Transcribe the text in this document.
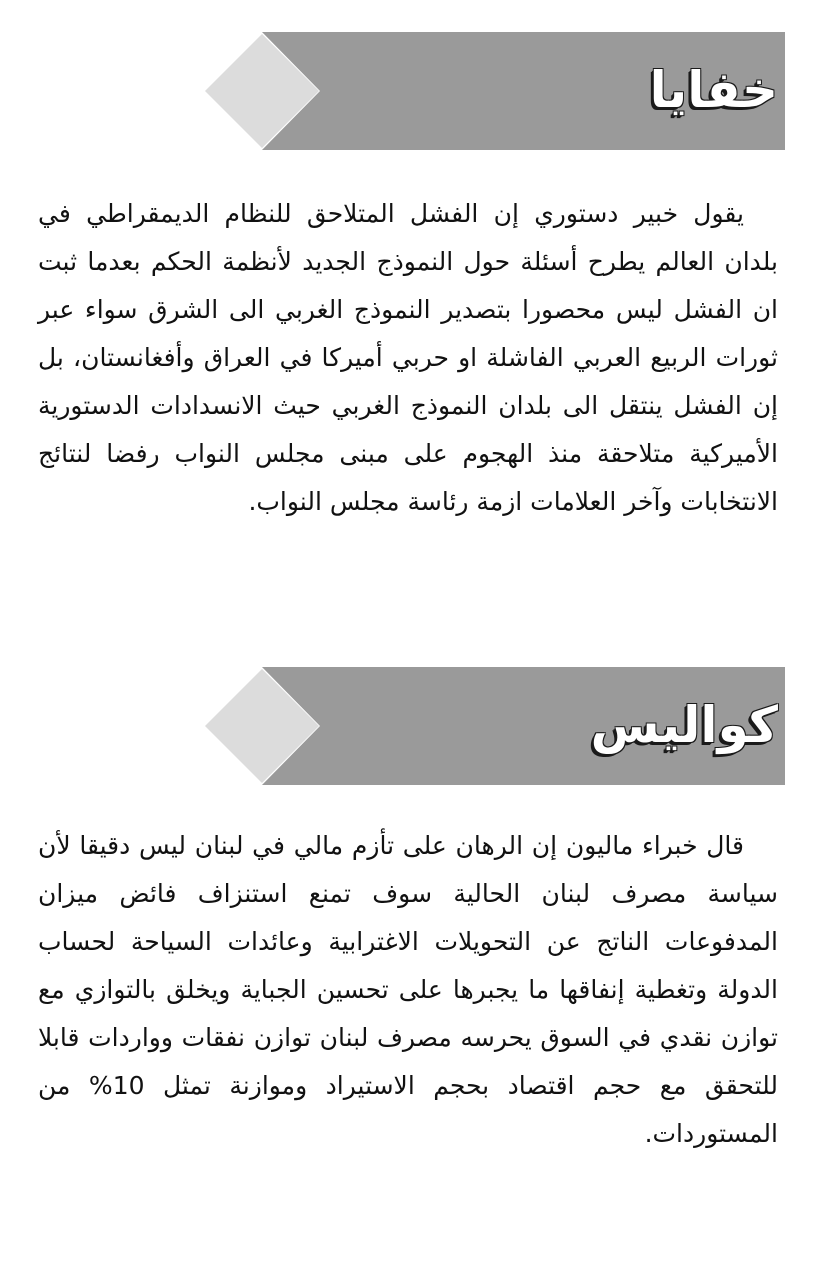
خفايا

يقول خبير دستوري إن الفشل المتلاحق للنظام الديمقراطي في بلدان العالم يطرح أسئلة حول النموذج الجديد لأنظمة الحكم بعدما ثبت ان الفشل ليس محصورا بتصدير النموذج الغربي الى الشرق سواء عبر ثورات الربيع العربي الفاشلة او حربي أميركا في العراق وأفغانستان، بل إن الفشل ينتقل الى بلدان النموذج الغربي حيث الانسدادات الدستورية الأميركية متلاحقة منذ الهجوم على مبنى مجلس النواب رفضا لنتائج الانتخابات وآخر العلامات ازمة رئاسة مجلس النواب.

كواليس

قال خبراء ماليون إن الرهان على تأزم مالي في لبنان ليس دقيقا لأن سياسة مصرف لبنان الحالية سوف تمنع استنزاف فائض ميزان المدفوعات الناتج عن التحويلات الاغترابية وعائدات السياحة لحساب الدولة وتغطية إنفاقها ما يجبرها على تحسين الجباية ويخلق بالتوازي مع توازن نقدي في السوق يحرسه مصرف لبنان توازن نفقات وواردات قابلا للتحقق مع حجم اقتصاد بحجم الاستيراد وموازنة تمثل 10% من المستوردات.
